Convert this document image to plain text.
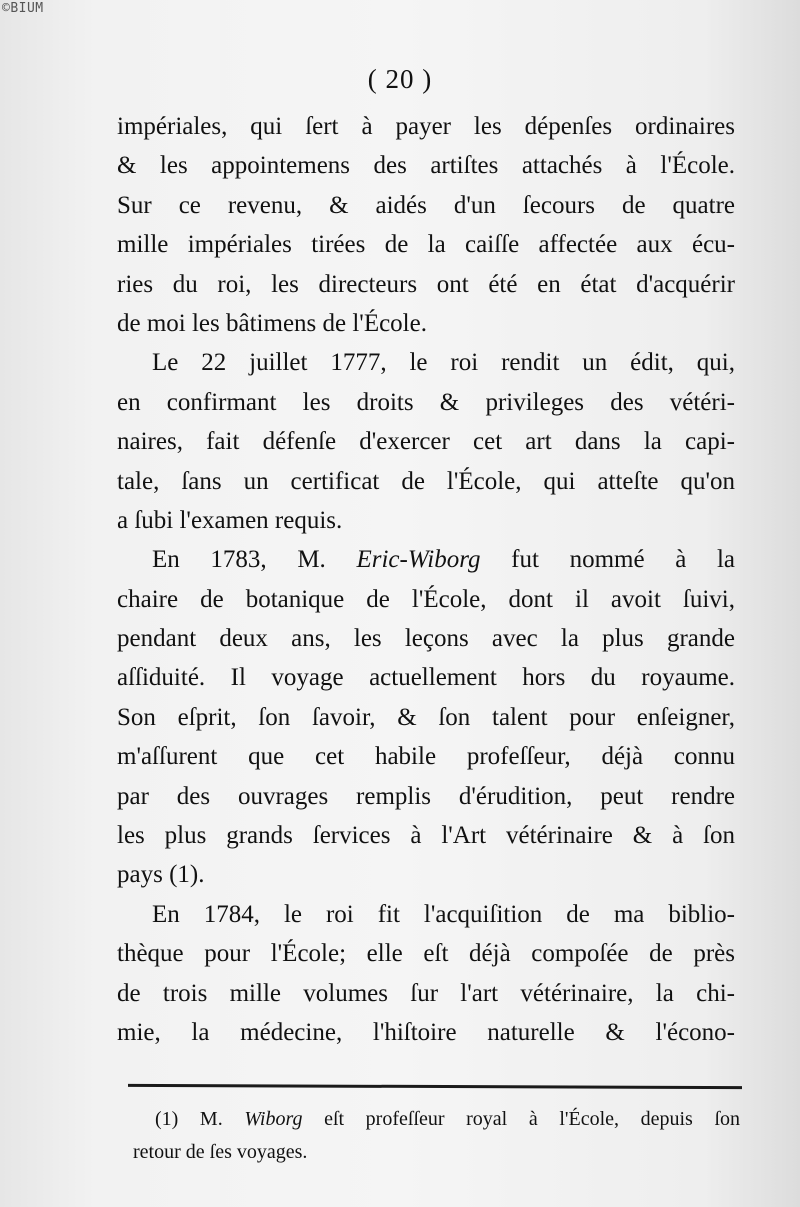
©BIUM
( 20 )
impériales, qui ſert à payer les dépenſes ordinaires
& les appointemens des artiſtes attachés à l'École.
Sur ce revenu, & aidés d'un ſecours de quatre
mille impériales tirées de la caiſſe affectée aux écu-
ries du roi, les directeurs ont été en état d'acquérir
de moi les bâtimens de l'École.
Le 22 juillet 1777, le roi rendit un édit, qui,
en confirmant les droits & privileges des vétéri-
naires, fait défenſe d'exercer cet art dans la capi-
tale, ſans un certificat de l'École, qui atteſte qu'on
a ſubi l'examen requis.
En 1783, M. Eric-Wiborg fut nommé à la
chaire de botanique de l'École, dont il avoit ſuivi,
pendant deux ans, les leçons avec la plus grande
aſſiduité. Il voyage actuellement hors du royaume.
Son eſprit, ſon ſavoir, & ſon talent pour enſeigner,
m'aſſurent que cet habile profeſſeur, déjà connu
par des ouvrages remplis d'érudition, peut rendre
les plus grands ſervices à l'Art vétérinaire & à ſon
pays (1).
En 1784, le roi fit l'acquiſition de ma biblio-
thèque pour l'École; elle eſt déjà compoſée de près
de trois mille volumes ſur l'art vétérinaire, la chi-
mie, la médecine, l'hiſtoire naturelle & l'écono-
(1) M. Wiborg eſt profeſſeur royal à l'École, depuis ſon
retour de ſes voyages.
